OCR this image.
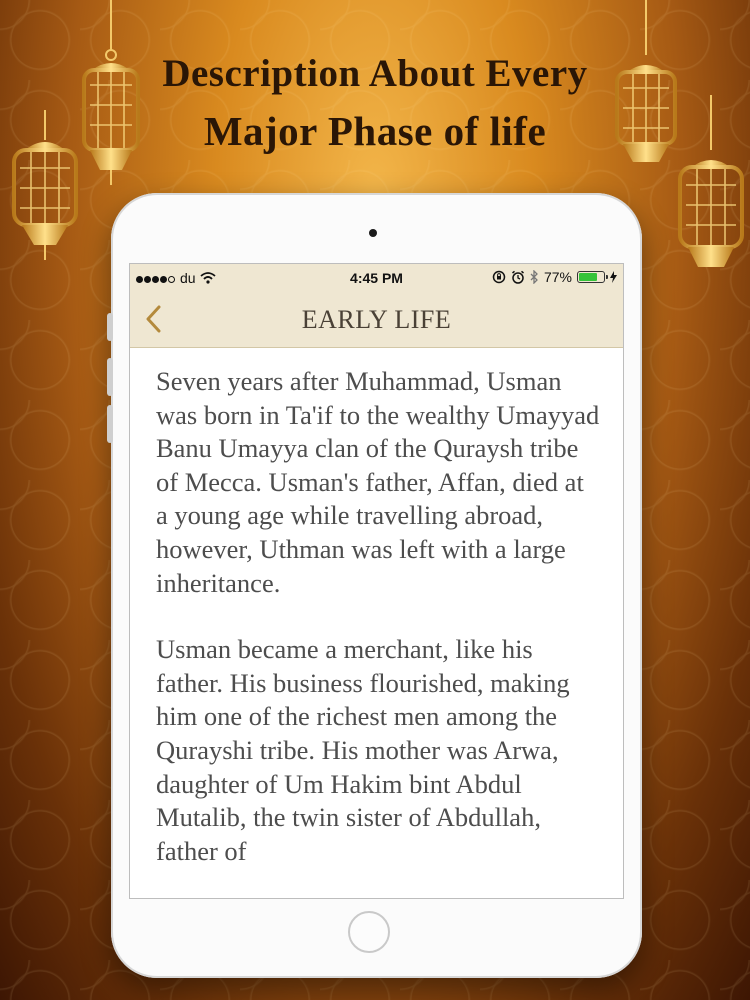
Description About Every
Major Phase of life
du	4:45 PM	77%
EARLY LIFE

Seven years after Muhammad, Usman was born in Ta'if to the wealthy Umayyad Banu Umayya clan of the Quraysh tribe of Mecca. Usman's father, Affan, died at a young age while travelling abroad, however, Uthman was left with a large inheritance.

Usman became a merchant, like his father. His business flourished, making him one of the richest men among the Qurayshi tribe. His mother was Arwa, daughter of Um Hakim bint Abdul Mutalib, the twin sister of Abdullah, father of
